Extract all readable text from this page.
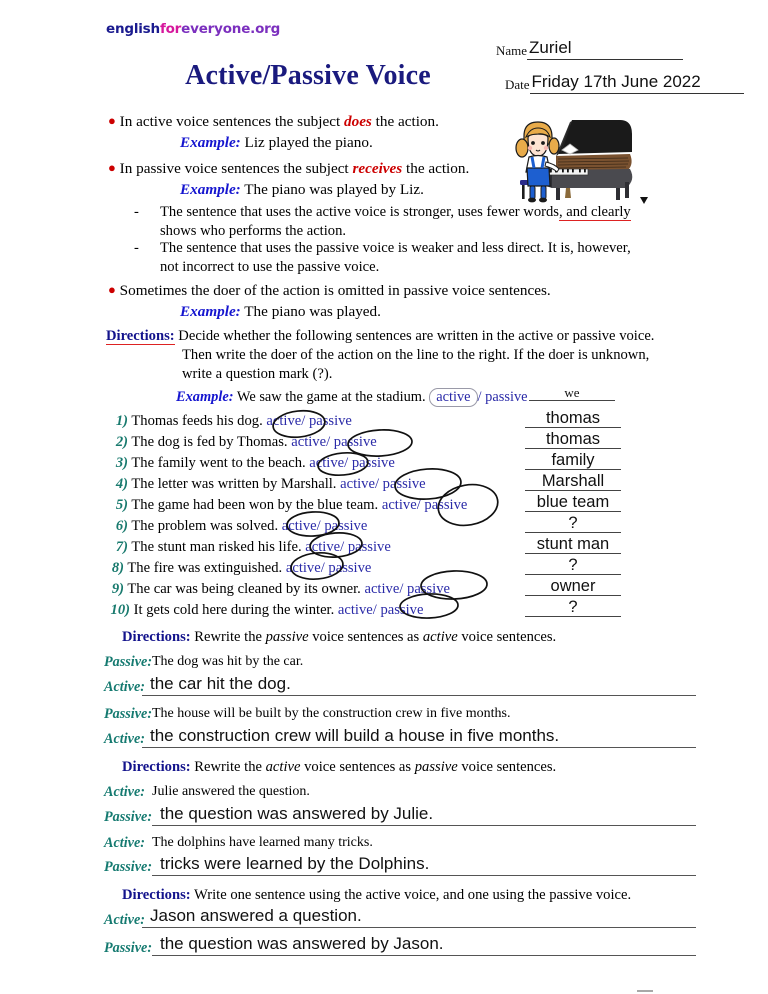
englishforeveryone.org
Active/Passive Voice
Name Zuriel
Date Friday 17th June 2022
● In active voice sentences the subject does the action.
Example: Liz played the piano.
● In passive voice sentences the subject receives the action.
Example: The piano was played by Liz.
- The sentence that uses the active voice is stronger, uses fewer words, and clearly
shows who performs the action.
- The sentence that uses the passive voice is weaker and less direct. It is, however,
not incorrect to use the passive voice.
● Sometimes the doer of the action is omitted in passive voice sentences.
Example: The piano was played.
Directions: Decide whether the following sentences are written in the active or passive voice.
Then write the doer of the action on the line to the right. If the doer is unknown,
write a question mark (?).
Example: We saw the game at the stadium. active / passive	we
1) Thomas feeds his dog. active/ passive	thomas
2) The dog is fed by Thomas. active/ passive	thomas
3) The family went to the beach. active/ passive	family
4) The letter was written by Marshall. active/ passive	Marshall
5) The game had been won by the blue team. active/ passive	blue team
6) The problem was solved. active/ passive	?
7) The stunt man risked his life. active/ passive	stunt man
8) The fire was extinguished. active/ passive	?
9) The car was being cleaned by its owner. active/ passive	owner
10) It gets cold here during the winter. active/ passive	?
Directions: Rewrite the passive voice sentences as active voice sentences.
Passive: The dog was hit by the car.
Active: the car hit the dog.
Passive: The house will be built by the construction crew in five months.
Active: the construction crew will build a house in five months.
Directions: Rewrite the active voice sentences as passive voice sentences.
Active: Julie answered the question.
Passive: the question was answered by Julie.
Active: The dolphins have learned many tricks.
Passive: tricks were learned by the Dolphins.
Directions: Write one sentence using the active voice, and one using the passive voice.
Active: Jason answered a question.
Passive: the question was answered by Jason.
